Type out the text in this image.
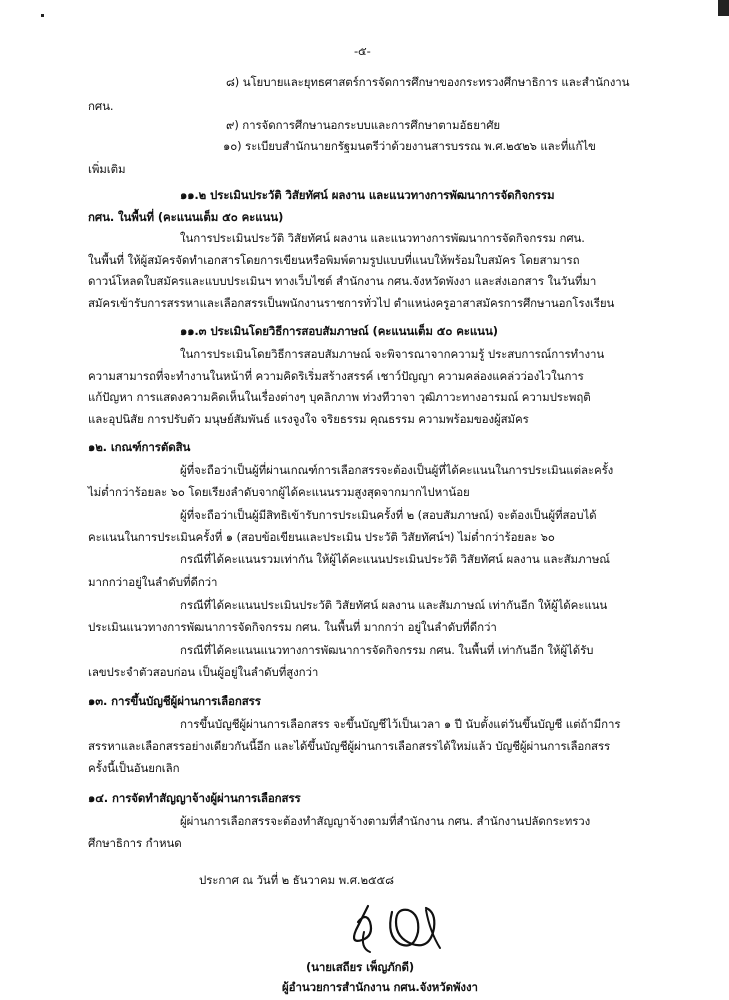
-๕-
๘) นโยบายและยุทธศาสตร์การจัดการศึกษาของกระทรวงศึกษาธิการ และสำนักงาน
กศน.
๙) การจัดการศึกษานอกระบบและการศึกษาตามอัธยาศัย
๑๐) ระเบียบสำนักนายกรัฐมนตรีว่าด้วยงานสารบรรณ พ.ศ.๒๕๒๖ และที่แก้ไข
เพิ่มเติม
๑๑.๒ ประเมินประวัติ วิสัยทัศน์ ผลงาน และแนวทางการพัฒนาการจัดกิจกรรม
กศน. ในพื้นที่ (คะแนนเต็ม ๕๐ คะแนน)
ในการประเมินประวัติ วิสัยทัศน์ ผลงาน และแนวทางการพัฒนาการจัดกิจกรรม กศน.
ในพื้นที่ ให้ผู้สมัครจัดทำเอกสารโดยการเขียนหรือพิมพ์ตามรูปแบบที่แนบให้พร้อมใบสมัคร โดยสามารถ
ดาวน์โหลดใบสมัครและแบบประเมินฯ ทางเว็บไซต์ สำนักงาน กศน.จังหวัดพังงา และส่งเอกสาร ในวันที่มา
สมัครเข้ารับการสรรหาและเลือกสรรเป็นพนักงานราชการทั่วไป ตำแหน่งครูอาสาสมัครการศึกษานอกโรงเรียน
๑๑.๓ ประเมินโดยวิธีการสอบสัมภาษณ์ (คะแนนเต็ม ๕๐ คะแนน)
ในการประเมินโดยวิธีการสอบสัมภาษณ์ จะพิจารณาจากความรู้ ประสบการณ์การทำงาน
ความสามารถที่จะทำงานในหน้าที่ ความคิดริเริ่มสร้างสรรค์ เชาว์ปัญญา ความคล่องแคล่วว่องไวในการ
แก้ปัญหา การแสดงความคิดเห็นในเรื่องต่างๆ บุคลิกภาพ ท่วงทีวาจา วุฒิภาวะทางอารมณ์ ความประพฤติ
และอุปนิสัย การปรับตัว มนุษย์สัมพันธ์ แรงจูงใจ จริยธรรม คุณธรรม ความพร้อมของผู้สมัคร
๑๒. เกณฑ์การตัดสิน
ผู้ที่จะถือว่าเป็นผู้ที่ผ่านเกณฑ์การเลือกสรรจะต้องเป็นผู้ที่ได้คะแนนในการประเมินแต่ละครั้ง
ไม่ต่ำกว่าร้อยละ ๖๐ โดยเรียงลำดับจากผู้ได้คะแนนรวมสูงสุดจากมากไปหาน้อย
ผู้ที่จะถือว่าเป็นผู้มีสิทธิเข้ารับการประเมินครั้งที่ ๒ (สอบสัมภาษณ์) จะต้องเป็นผู้ที่สอบได้
คะแนนในการประเมินครั้งที่ ๑ (สอบข้อเขียนและประเมิน ประวัติ วิสัยทัศน์ฯ) ไม่ต่ำกว่าร้อยละ ๖๐
กรณีที่ได้คะแนนรวมเท่ากัน ให้ผู้ได้คะแนนประเมินประวัติ วิสัยทัศน์ ผลงาน และสัมภาษณ์
มากกว่าอยู่ในลำดับที่ดีกว่า
กรณีที่ได้คะแนนประเมินประวัติ วิสัยทัศน์ ผลงาน และสัมภาษณ์ เท่ากันอีก ให้ผู้ได้คะแนน
ประเมินแนวทางการพัฒนาการจัดกิจกรรม กศน. ในพื้นที่ มากกว่า อยู่ในลำดับที่ดีกว่า
กรณีที่ได้คะแนนแนวทางการพัฒนาการจัดกิจกรรม กศน. ในพื้นที่ เท่ากันอีก ให้ผู้ได้รับ
เลขประจำตัวสอบก่อน เป็นผู้อยู่ในลำดับที่สูงกว่า
๑๓. การขึ้นบัญชีผู้ผ่านการเลือกสรร
การขึ้นบัญชีผู้ผ่านการเลือกสรร จะขึ้นบัญชีไว้เป็นเวลา ๑ ปี นับตั้งแต่วันขึ้นบัญชี แต่ถ้ามีการ
สรรหาและเลือกสรรอย่างเดียวกันนี้อีก และได้ขึ้นบัญชีผู้ผ่านการเลือกสรรได้ใหม่แล้ว บัญชีผู้ผ่านการเลือกสรร
ครั้งนี้เป็นอันยกเลิก
๑๔. การจัดทำสัญญาจ้างผู้ผ่านการเลือกสรร
ผู้ผ่านการเลือกสรรจะต้องทำสัญญาจ้างตามที่สำนักงาน กศน. สำนักงานปลัดกระทรวง
ศึกษาธิการ กำหนด
ประกาศ ณ วันที่ ๒ ธันวาคม พ.ศ.๒๕๕๘
(นายเสถียร เพ็ญภักดี)
ผู้อำนวยการสำนักงาน กศน.จังหวัดพังงา
